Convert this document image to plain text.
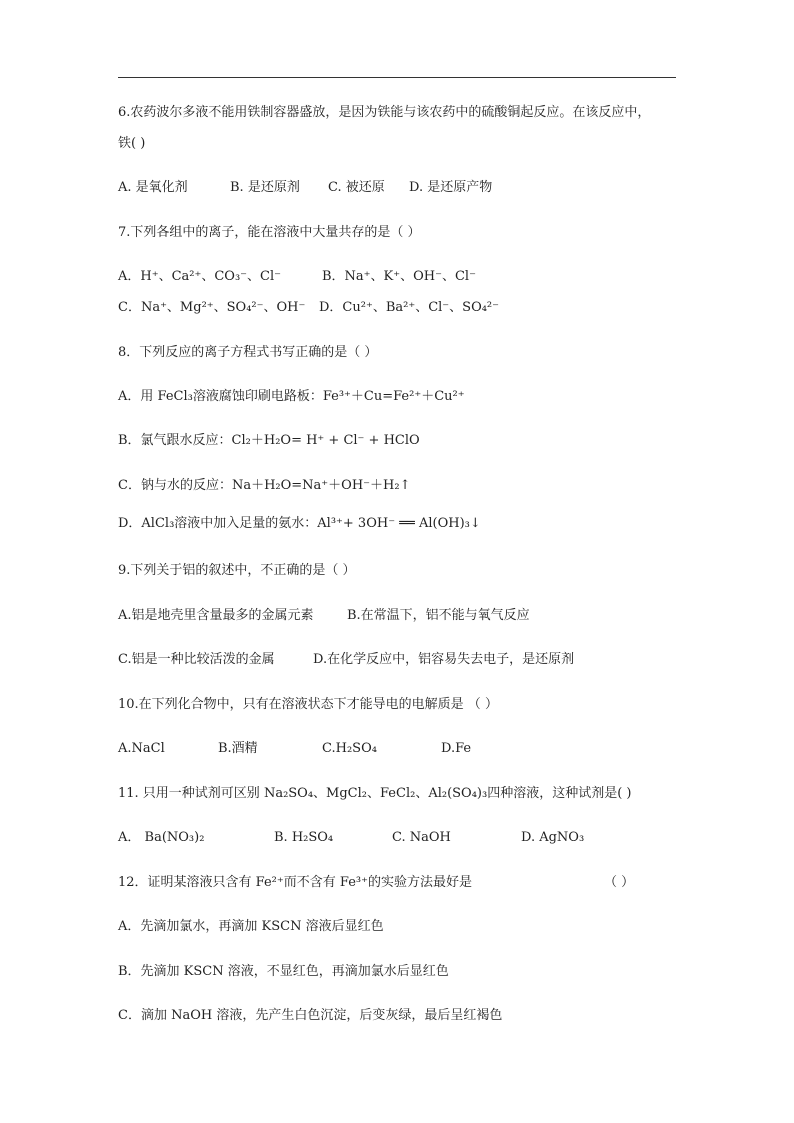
6.农药波尔多液不能用铁制容器盛放，是因为铁能与该农药中的硫酸铜起反应。在该反应中，
铁( )
A. 是氧化剂	B. 是还原剂 C. 被还原 D. 是还原产物
7.下列各组中的离子，能在溶液中大量共存的是（ ）
A．H⁺、Ca²⁺、CO₃⁻、Cl⁻	B．Na⁺、K⁺、OH⁻、Cl⁻
C．Na⁺、Mg²⁺、SO₄²⁻、OH⁻ D．Cu²⁺、Ba²⁺、Cl⁻、SO₄²⁻
8．下列反应的离子方程式书写正确的是（ ）
A．用 FeCl₃溶液腐蚀印刷电路板：Fe³⁺＋Cu=Fe²⁺＋Cu²⁺
B．氯气跟水反应：Cl₂＋H₂O= H⁺ + Cl⁻ + HClO
C．钠与水的反应：Na＋H₂O=Na⁺＋OH⁻＋H₂↑
D．AlCl₃溶液中加入足量的氨水：Al³⁺+ 3OH⁻ ══ Al(OH)₃↓
9.下列关于铝的叙述中，不正确的是（ ）
A.铝是地壳里含量最多的金属元素	B.在常温下，铝不能与氧气反应
C.铝是一种比较活泼的金属	D.在化学反应中，铝容易失去电子，是还原剂
10.在下列化合物中，只有在溶液状态下才能导电的电解质是 （ ）
A.NaCl	B.酒精	C.H₂SO₄	D.Fe
11. 只用一种试剂可区别 Na₂SO₄、MgCl₂、FeCl₂、Al₂(SO₄)₃四种溶液，这种试剂是( )
A． Ba(NO₃)₂	B. H₂SO₄	C. NaOH	D. AgNO₃
12．证明某溶液只含有 Fe²⁺而不含有 Fe³⁺的实验方法最好是	（ ）
A．先滴加氯水，再滴加 KSCN 溶液后显红色
B．先滴加 KSCN 溶液，不显红色，再滴加氯水后显红色
C．滴加 NaOH 溶液，先产生白色沉淀，后变灰绿，最后呈红褐色
